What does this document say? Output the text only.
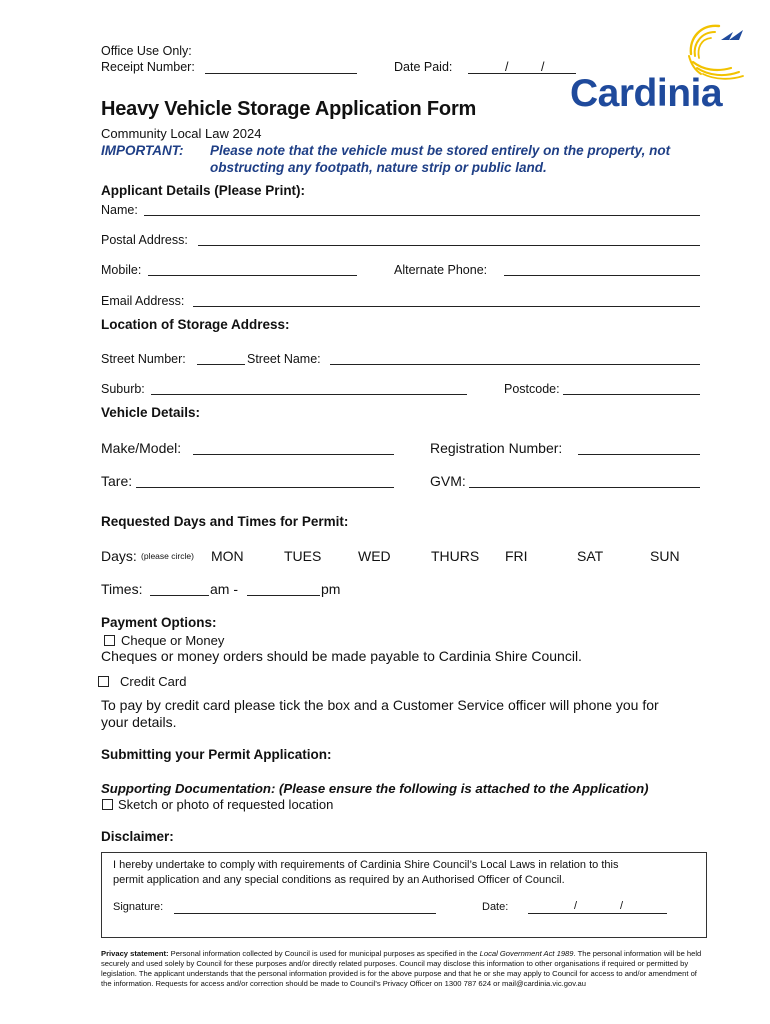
Office Use Only:
Receipt Number:	Date Paid:	/	/
Cardinia
Heavy Vehicle Storage Application Form
Community Local Law 2024
IMPORTANT: Please note that the vehicle must be stored entirely on the property, not
obstructing any footpath, nature strip or public land.
Applicant Details (Please Print):
Name:
Postal Address:
Mobile:	Alternate Phone:
Email Address:
Location of Storage Address:
Street Number:	Street Name:
Suburb:	Postcode:
Vehicle Details:
Make/Model:	Registration Number:
Tare:	GVM:
Requested Days and Times for Permit:
Days: (please circle) MON	TUES	WED	THURS FRI	SAT	SUN
Times:	am -	pm
Payment Options:
Cheque or Money
Cheques or money orders should be made payable to Cardinia Shire Council.
Credit Card
To pay by credit card please tick the box and a Customer Service officer will phone you for
your details.
Submitting your Permit Application:
Supporting Documentation: (Please ensure the following is attached to the Application)
Sketch or photo of requested location
Disclaimer:
I hereby undertake to comply with requirements of Cardinia Shire Council’s Local Laws in relation to this
permit application and any special conditions as required by an Authorised Officer of Council.
Signature:	Date:	/	/
Privacy statement: Personal information collected by Council is used for municipal purposes as specified in the Local Government Act 1989. The personal information will be held securely and used solely by Council for these purposes and/or directly related purposes. Council may disclose this information to other organisations if required or permitted by legislation. The applicant understands that the personal information provided is for the above purpose and that he or she may apply to Council for access to and/or amendment of the information. Requests for access and/or correction should be made to Council's Privacy Officer on 1300 787 624 or mail@cardinia.vic.gov.au
